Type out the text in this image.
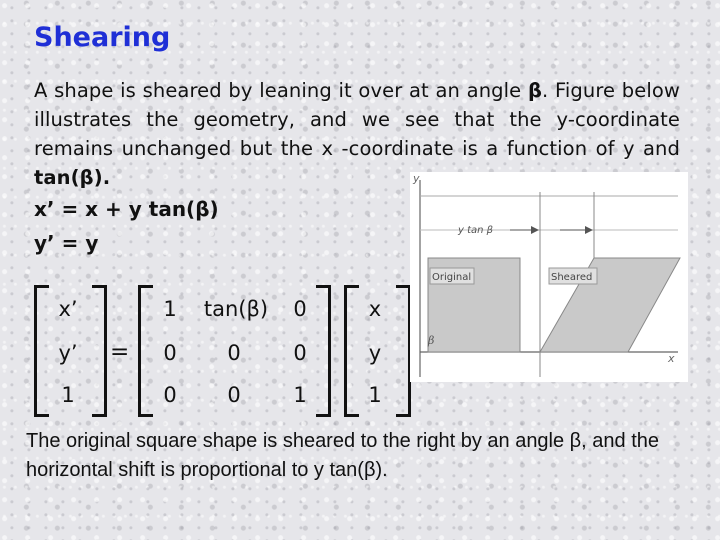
Shearing
A shape is sheared by leaning it over at an angle β. Figure below illustrates the geometry, and we see that the y-coordinate remains unchanged but the x -coordinate is a function of y and tan(β).
x’ = x + y tan(β)
y’ = y
x’
y’
1
=
1	tan(β)	0
0	0	0
0	0	1
x
y
1
y
x
Original	Sheared
y tan β
β
The original square shape is sheared to the right by an angle β, and the horizontal shift is proportional to y tan(β).
